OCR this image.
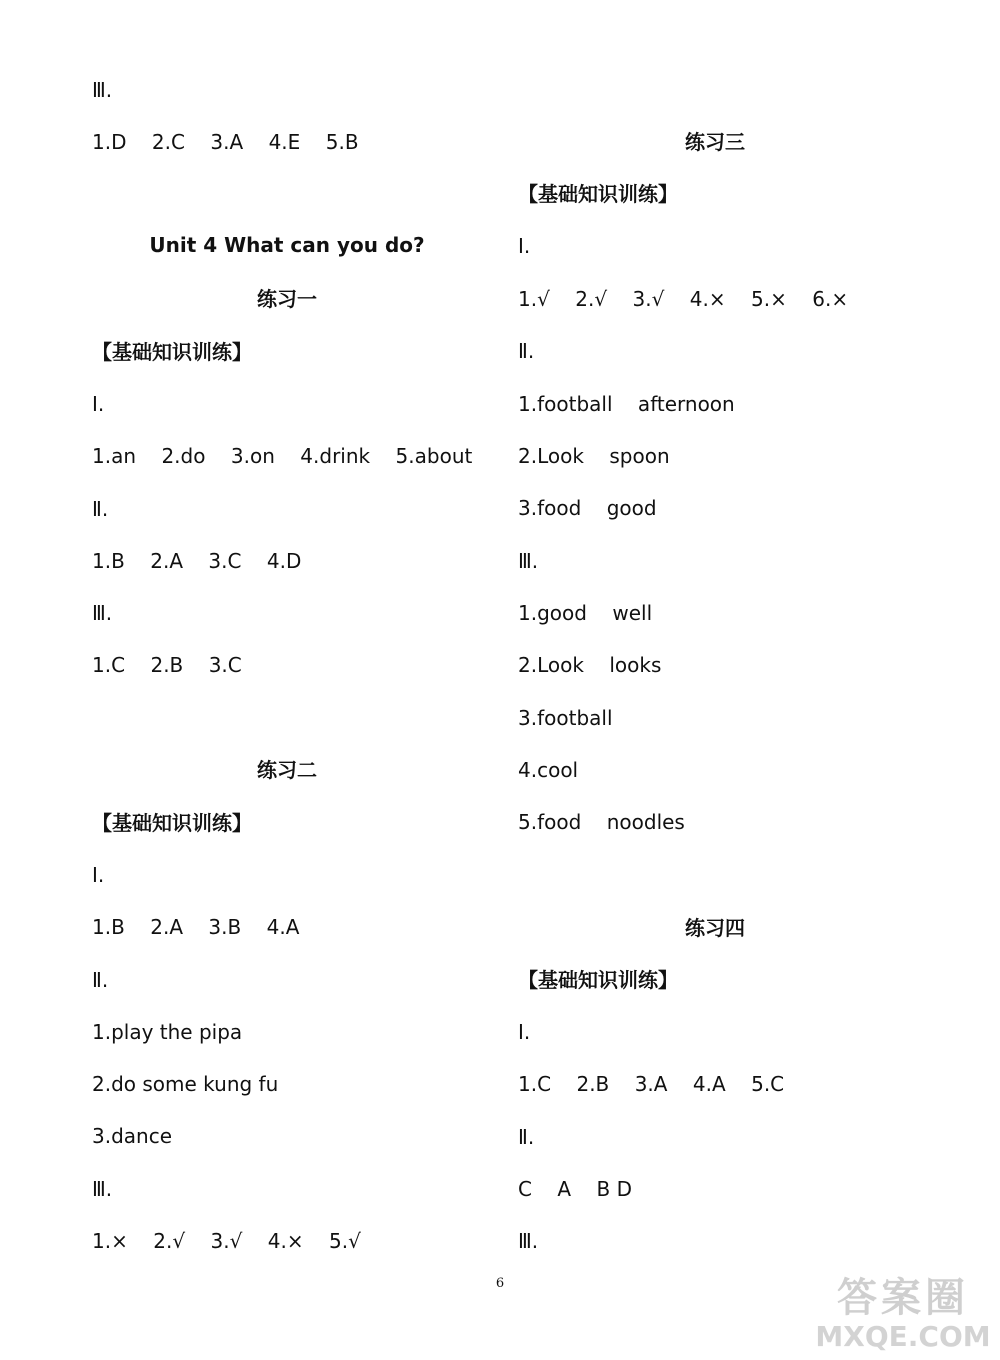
Ⅲ.
1.D    2.C    3.A    4.E    5.B
Unit 4 What can you do?
练习一
【基础知识训练】
Ⅰ.
1.an    2.do    3.on    4.drink    5.about
Ⅱ.
1.B    2.A    3.C    4.D
Ⅲ.
1.C    2.B    3.C
练习二
【基础知识训练】
Ⅰ.
1.B    2.A    3.B    4.A
Ⅱ.
1.play the pipa
2.do some kung fu
3.dance
Ⅲ.
1.×    2.√    3.√    4.×    5.√
练习三
【基础知识训练】
Ⅰ.
1.√    2.√    3.√    4.×    5.×    6.×
Ⅱ.
1.football    afternoon
2.Look    spoon
3.food    good
Ⅲ.
1.good    well
2.Look    looks
3.football
4.cool
5.food    noodles
练习四
【基础知识训练】
Ⅰ.
1.C    2.B    3.A    4.A    5.C
Ⅱ.
C    A    B D
Ⅲ.
6	答案圈
MXQE.COM
